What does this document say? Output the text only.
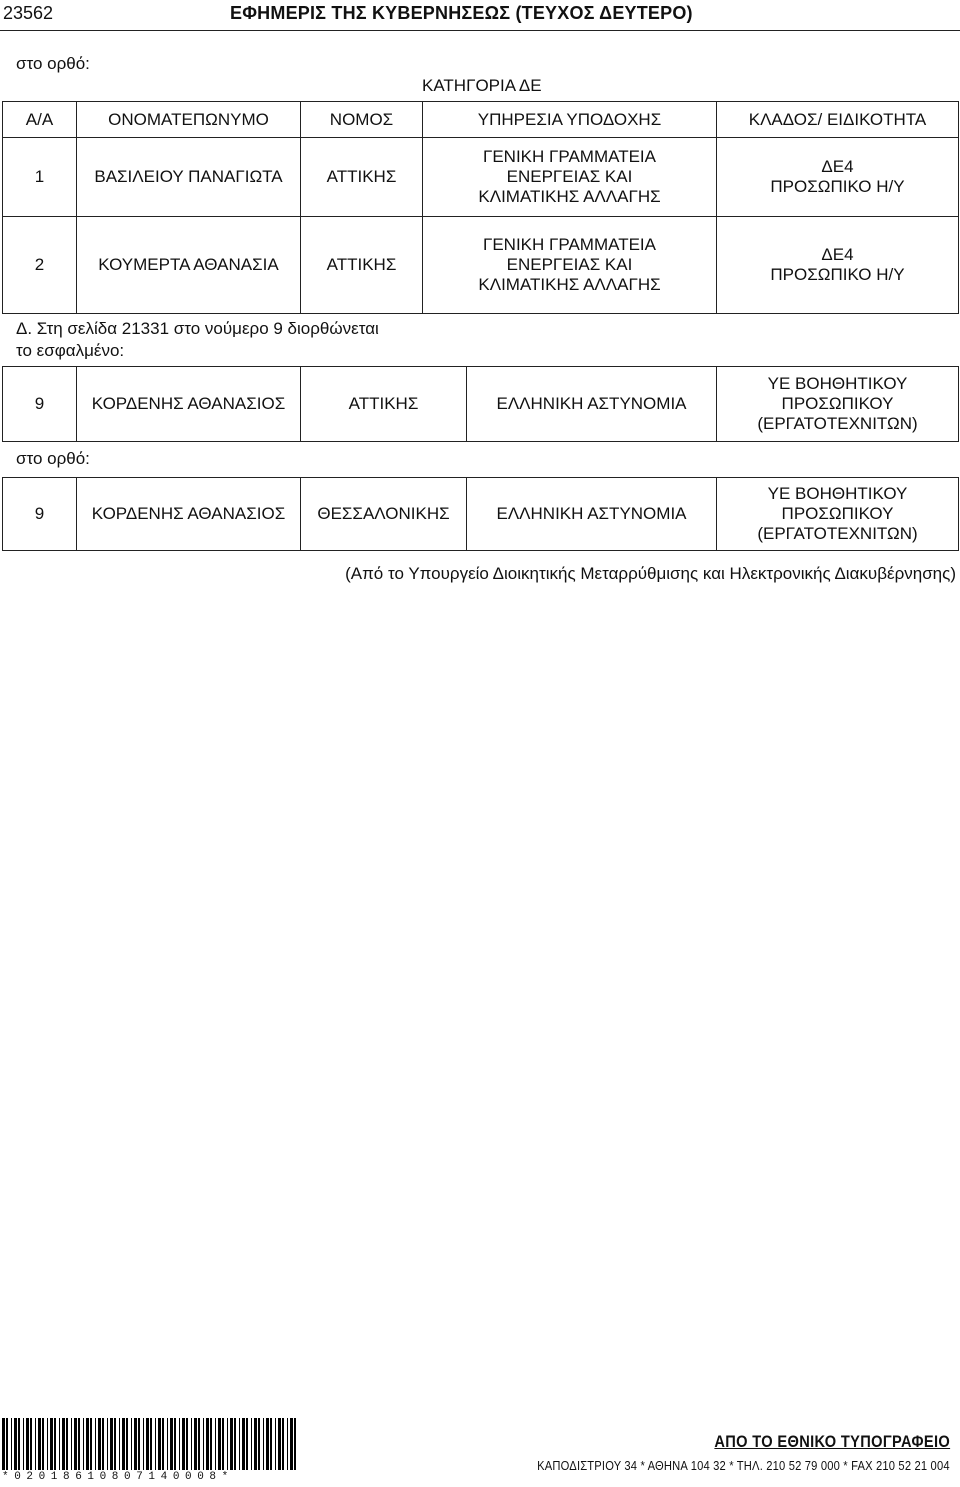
23562	ΕΦΗΜΕΡΙΣ ΤΗΣ ΚΥΒΕΡΝΗΣΕΩΣ (ΤΕΥΧΟΣ ΔΕΥΤΕΡΟ)
στο ορθό:
ΚΑΤΗΓΟΡΙΑ ΔΕ
Α/Α	ΟΝΟΜΑΤΕΠΩΝΥΜΟ	ΝΟΜΟΣ	ΥΠΗΡΕΣΙΑ ΥΠΟΔΟΧΗΣ	ΚΛΑΔΟΣ/ ΕΙΔΙΚΟΤΗΤΑ
1	ΒΑΣΙΛΕΙΟΥ ΠΑΝΑΓΙΩΤΑ	ΑΤΤΙΚΗΣ	ΓΕΝΙΚΗ ΓΡΑΜΜΑΤΕΙΑ
ΕΝΕΡΓΕΙΑΣ ΚΑΙ
ΚΛΙΜΑΤΙΚΗΣ ΑΛΛΑΓΗΣ	ΔΕ4
ΠΡΟΣΩΠΙΚΟ Η/Υ
2	ΚΟΥΜΕΡΤΑ ΑΘΑΝΑΣΙΑ	ΑΤΤΙΚΗΣ	ΓΕΝΙΚΗ ΓΡΑΜΜΑΤΕΙΑ
ΕΝΕΡΓΕΙΑΣ ΚΑΙ
ΚΛΙΜΑΤΙΚΗΣ ΑΛΛΑΓΗΣ	ΔΕ4
ΠΡΟΣΩΠΙΚΟ Η/Υ
Δ. Στη σελίδα 21331 στο νούμερο 9 διορθώνεται
το εσφαλμένο:
9	ΚΟΡΔΕΝΗΣ ΑΘΑΝΑΣΙΟΣ	ΑΤΤΙΚΗΣ	ΕΛΛΗΝΙΚΗ ΑΣΤΥΝΟΜΙΑ	ΥΕ ΒΟΗΘΗΤΙΚΟΥ
ΠΡΟΣΩΠΙΚΟΥ
(ΕΡΓΑΤΟΤΕΧΝΙΤΩΝ)
στο ορθό:
9	ΚΟΡΔΕΝΗΣ ΑΘΑΝΑΣΙΟΣ	ΘΕΣΣΑΛΟΝΙΚΗΣ	ΕΛΛΗΝΙΚΗ ΑΣΤΥΝΟΜΙΑ	ΥΕ ΒΟΗΘΗΤΙΚΟΥ
ΠΡΟΣΩΠΙΚΟΥ
(ΕΡΓΑΤΟΤΕΧΝΙΤΩΝ)
(Από το Υπουργείο Διοικητικής Μεταρρύθμισης και Ηλεκτρονικής Διακυβέρνησης)
*02018610807140008*
ΑΠΟ ΤΟ ΕΘΝΙΚΟ ΤΥΠΟΓΡΑΦΕΙΟ
ΚΑΠΟΔΙΣΤΡΙΟΥ 34 * ΑΘΗΝΑ 104 32 * ΤΗΛ. 210 52 79 000 * FAX 210 52 21 004
